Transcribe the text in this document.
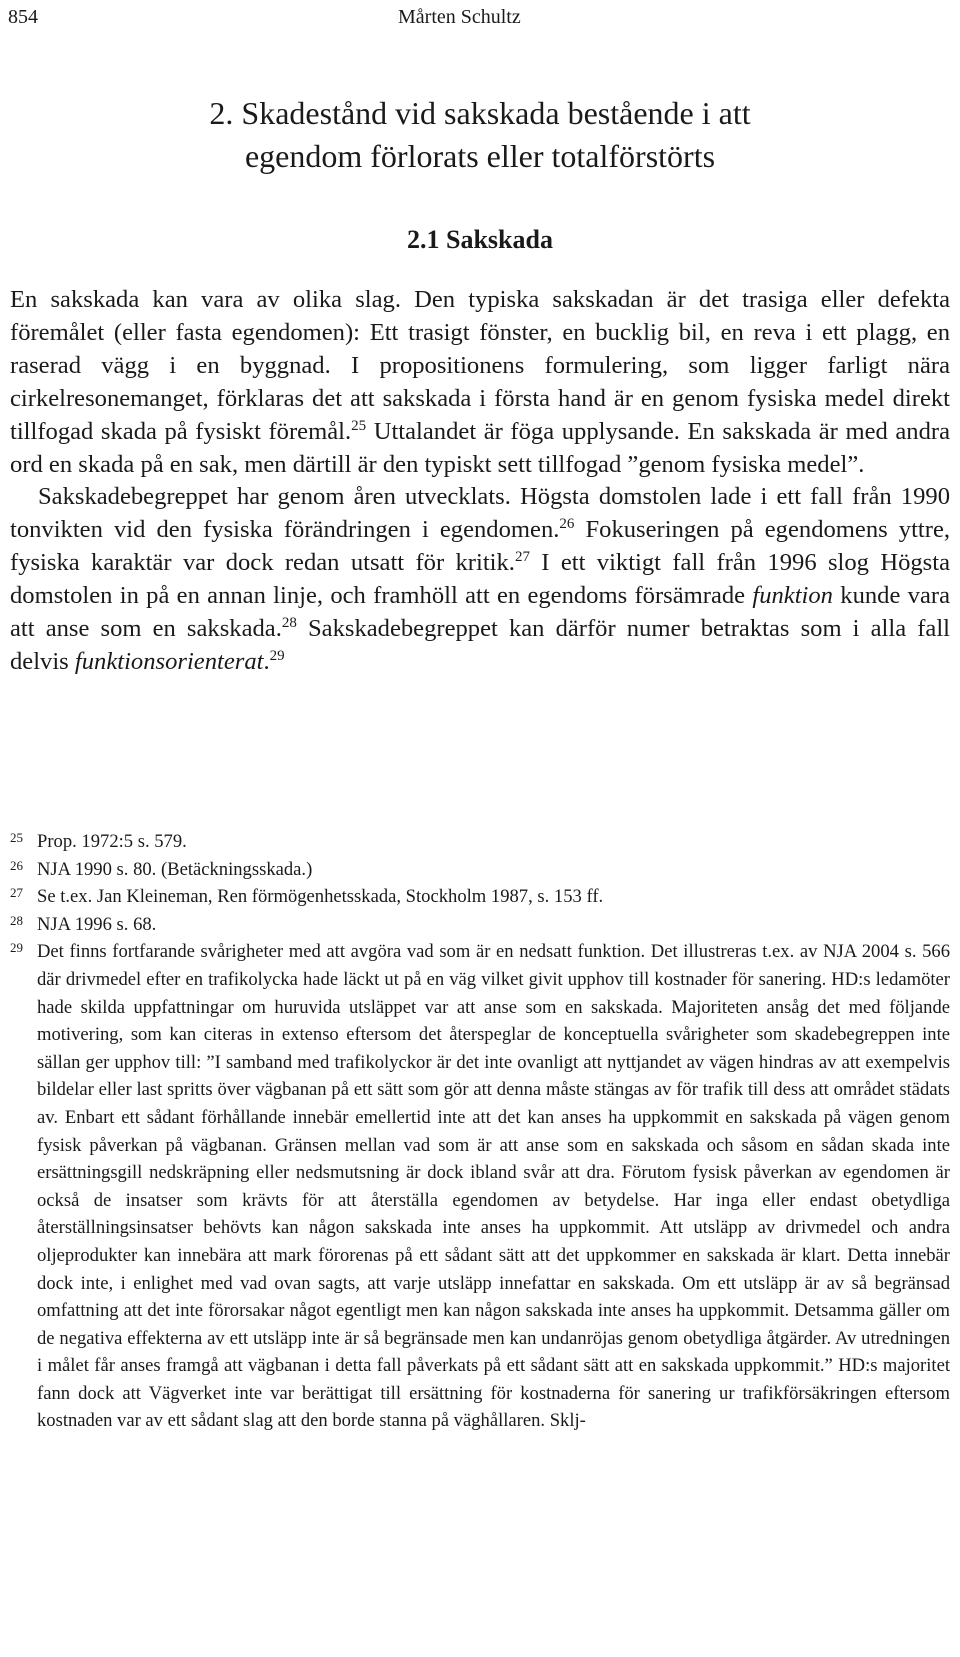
854	Mårten Schultz
2. Skadestånd vid sakskada bestående i att egendom förlorats eller totalförstörts
2.1 Sakskada

En sakskada kan vara av olika slag. Den typiska sakskadan är det trasiga eller defekta föremålet (eller fasta egendomen): Ett trasigt fönster, en bucklig bil, en reva i ett plagg, en raserad vägg i en byggnad. I propositionens formulering, som ligger farligt nära cirkelresonemanget, förklaras det att sakskada i första hand är en genom fysiska medel direkt tillfogad skada på fysiskt föremål.$^{25}$ Uttalandet är föga upplysande. En sakskada är med andra ord en skada på en sak, men därtill är den typiskt sett tillfogad ”genom fysiska medel”.

Sakskadebegreppet har genom åren utvecklats. Högsta domstolen lade i ett fall från 1990 tonvikten vid den fysiska förändringen i egendomen.$^{26}$ Fokuseringen på egendomens yttre, fysiska karaktär var dock redan utsatt för kritik.$^{27}$ I ett viktigt fall från 1996 slog Högsta domstolen in på en annan linje, och framhöll att en egendoms försämrade funktion kunde vara att anse som en sakskada.$^{28}$ Sakskadebegreppet kan därför numer betraktas som i alla fall delvis funktionsorienterat.$^{29}$

25 Prop. 1972:5 s. 579.
26 NJA 1990 s. 80. (Betäckningsskada.)
27 Se t.ex. Jan Kleineman, Ren förmögenhetsskada, Stockholm 1987, s. 153 ff.
28 NJA 1996 s. 68.
29 Det finns fortfarande svårigheter med att avgöra vad som är en nedsatt funktion. Det illustreras t.ex. av NJA 2004 s. 566 där drivmedel efter en trafikolycka hade läckt ut på en väg vilket givit upphov till kostnader för sanering. HD:s ledamöter hade skilda uppfattningar om huruvida utsläppet var att anse som en sakskada. Majoriteten ansåg det med följande motivering, som kan citeras in extenso eftersom det återspeglar de konceptuella svårigheter som skadebegreppen inte sällan ger upphov till: ”I samband med trafikolyckor är det inte ovanligt att nyttjandet av vägen hindras av att exempelvis bildelar eller last spritts över vägbanan på ett sätt som gör att denna måste stängas av för trafik till dess att området städats av. Enbart ett sådant förhållande innebär emellertid inte att det kan anses ha uppkommit en sakskada på vägen genom fysisk påverkan på vägbanan. Gränsen mellan vad som är att anse som en sakskada och såsom en sådan skada inte ersättningsgill nedskräpning eller nedsmutsning är dock ibland svår att dra. Förutom fysisk påverkan av egendomen är också de insatser som krävts för att återställa egendomen av betydelse. Har inga eller endast obetydliga återställningsinsatser behövts kan någon sakskada inte anses ha uppkommit. Att utsläpp av drivmedel och andra oljeprodukter kan innebära att mark förorenas på ett sådant sätt att det uppkommer en sakskada är klart. Detta innebär dock inte, i enlighet med vad ovan sagts, att varje utsläpp innefattar en sakskada. Om ett utsläpp är av så begränsad omfattning att det inte förorsakar något egentligt men kan någon sakskada inte anses ha uppkommit. Detsamma gäller om de negativa effekterna av ett utsläpp inte är så begränsade men kan undanröjas genom obetydliga åtgärder. Av utredningen i målet får anses framgå att vägbanan i detta fall påverkats på ett sådant sätt att en sakskada uppkommit.” HD:s majoritet fann dock att Vägverket inte var berättigat till ersättning för kostnaderna för sanering ur trafikförsäkringen eftersom kostnaden var av ett sådant slag att den borde stanna på väghållaren. Sklj-
